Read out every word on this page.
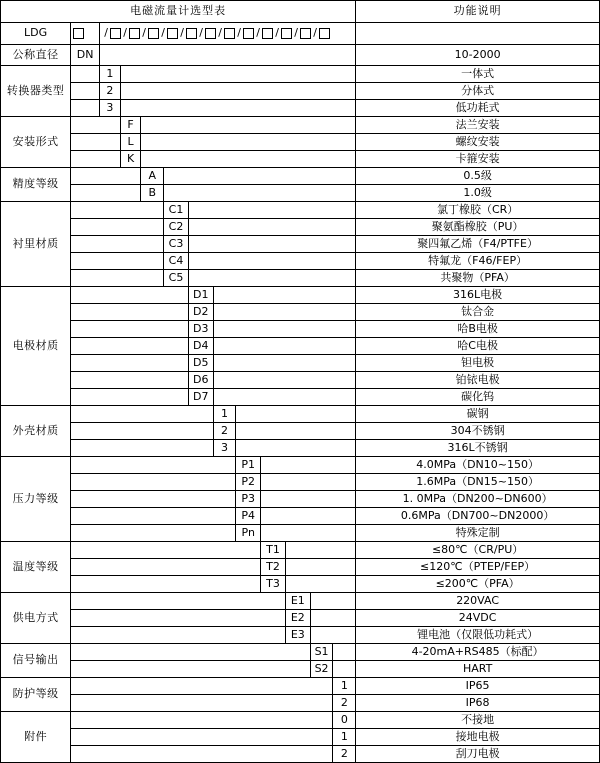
电磁流量计选型表													功能说明
LDG		/ / / / / / / / / / / /

公称直径	DN												10-2000
转换器类型		1											一体式
		2											分体式
		3											低功耗式
安装形式			F										法兰安装
			L										螺纹安装
			K										卡箍安装
精度等级				A									0.5级
				B									1.0级
衬里材质					C1								氯丁橡胶（CR）
					C2								聚氨酯橡胶（PU）
					C3								聚四氟乙烯（F4/PTFE）
					C4								特氟龙（F46/FEP）
					C5								共聚物（PFA）
电极材质						D1							316L电极
						D2							钛合金
						D3							哈B电极
						D4							哈C电极
						D5							钽电极
						D6							铂铱电极
						D7							碳化钨
外壳材质							1						碳钢
							2						304不锈钢
							3						316L不锈钢
压力等级								P1					4.0MPa（DN10~150）
								P2					1.6MPa（DN15~150）
								P3					1. 0MPa（DN200~DN600）
								P4					0.6MPa（DN700~DN2000）
								Pn					特殊定制
温度等级									T1				≤80℃（CR/PU）
									T2				≤120℃（PTEP/FEP）
									T3				≤200℃（PFA）
供电方式										E1			220VAC
										E2			24VDC
										E3			锂电池（仅限低功耗式）
信号输出											S1		4-20mA+RS485（标配）
											S2		HART
防护等级												1	IP65
												2	IP68
附件												0	不接地
												1	接地电极
												2	刮刀电极
